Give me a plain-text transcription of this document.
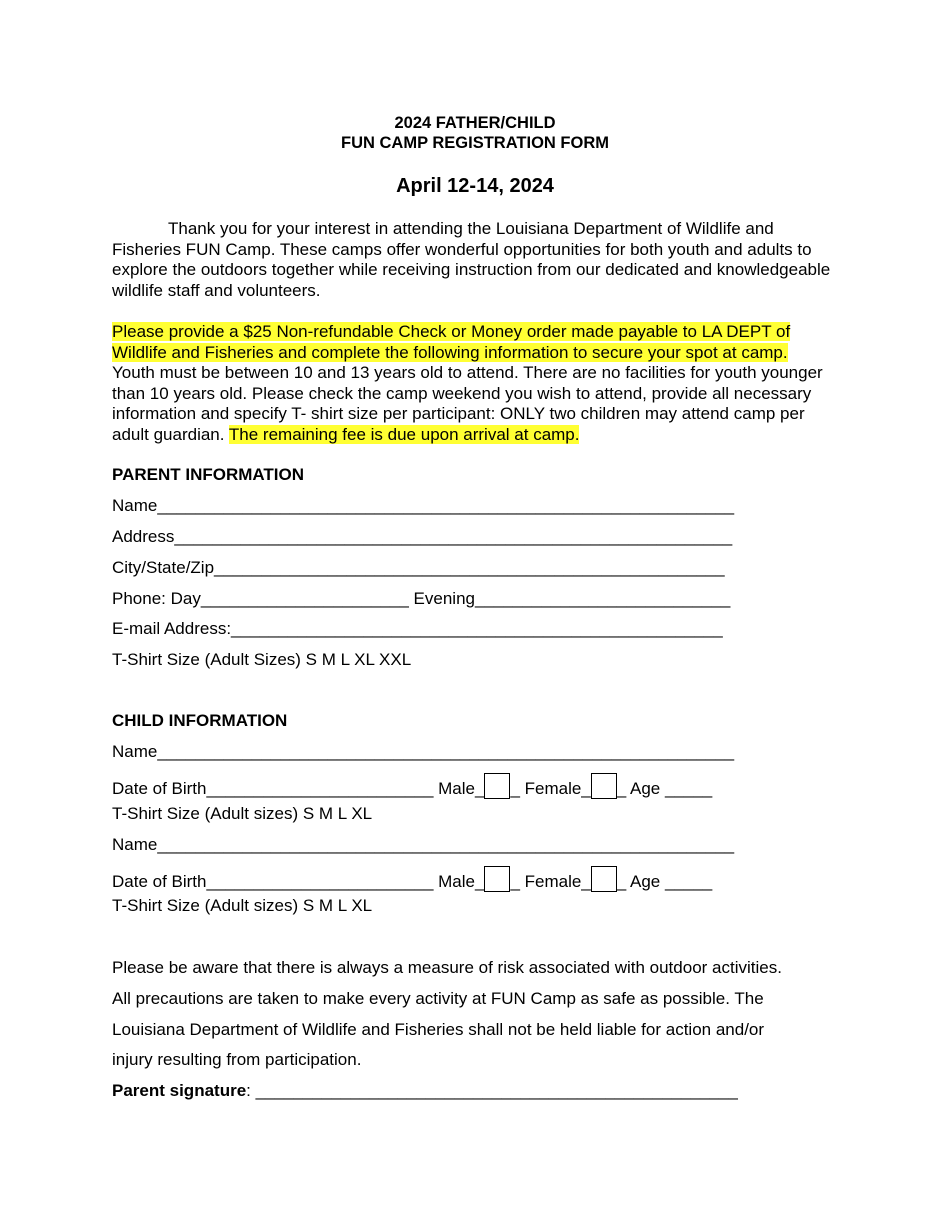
2024 FATHER/CHILD
FUN CAMP REGISTRATION FORM
April 12-14, 2024
Thank you for your interest in attending the Louisiana Department of Wildlife and Fisheries FUN Camp. These camps offer wonderful opportunities for both youth and adults to explore the outdoors together while receiving instruction from our dedicated and knowledgeable wildlife staff and volunteers.
Please provide a $25 Non-refundable Check or Money order made payable to LA DEPT of Wildlife and Fisheries and complete the following information to secure your spot at camp. Youth must be between 10 and 13 years old to attend. There are no facilities for youth younger than 10 years old. Please check the camp weekend you wish to attend, provide all necessary information and specify T- shirt size per participant: ONLY two children may attend camp per adult guardian. The remaining fee is due upon arrival at camp.
PARENT INFORMATION
Name_____________________________________________________________
Address___________________________________________________________
City/State/Zip______________________________________________________
Phone: Day______________________ Evening___________________________
E-mail Address:____________________________________________________
T-Shirt Size (Adult Sizes) S M L XL XXL
CHILD INFORMATION
Name_____________________________________________________________
Date of Birth________________________ Male_ _ Female_ _ Age _____
T-Shirt Size (Adult sizes) S M L XL
Name_____________________________________________________________
Date of Birth________________________ Male_ _ Female_ _ Age _____
T-Shirt Size (Adult sizes) S M L XL
Please be aware that there is always a measure of risk associated with outdoor activities.
All precautions are taken to make every activity at FUN Camp as safe as possible. The
Louisiana Department of Wildlife and Fisheries shall not be held liable for action and/or
injury resulting from participation.
Parent signature: ___________________________________________________
